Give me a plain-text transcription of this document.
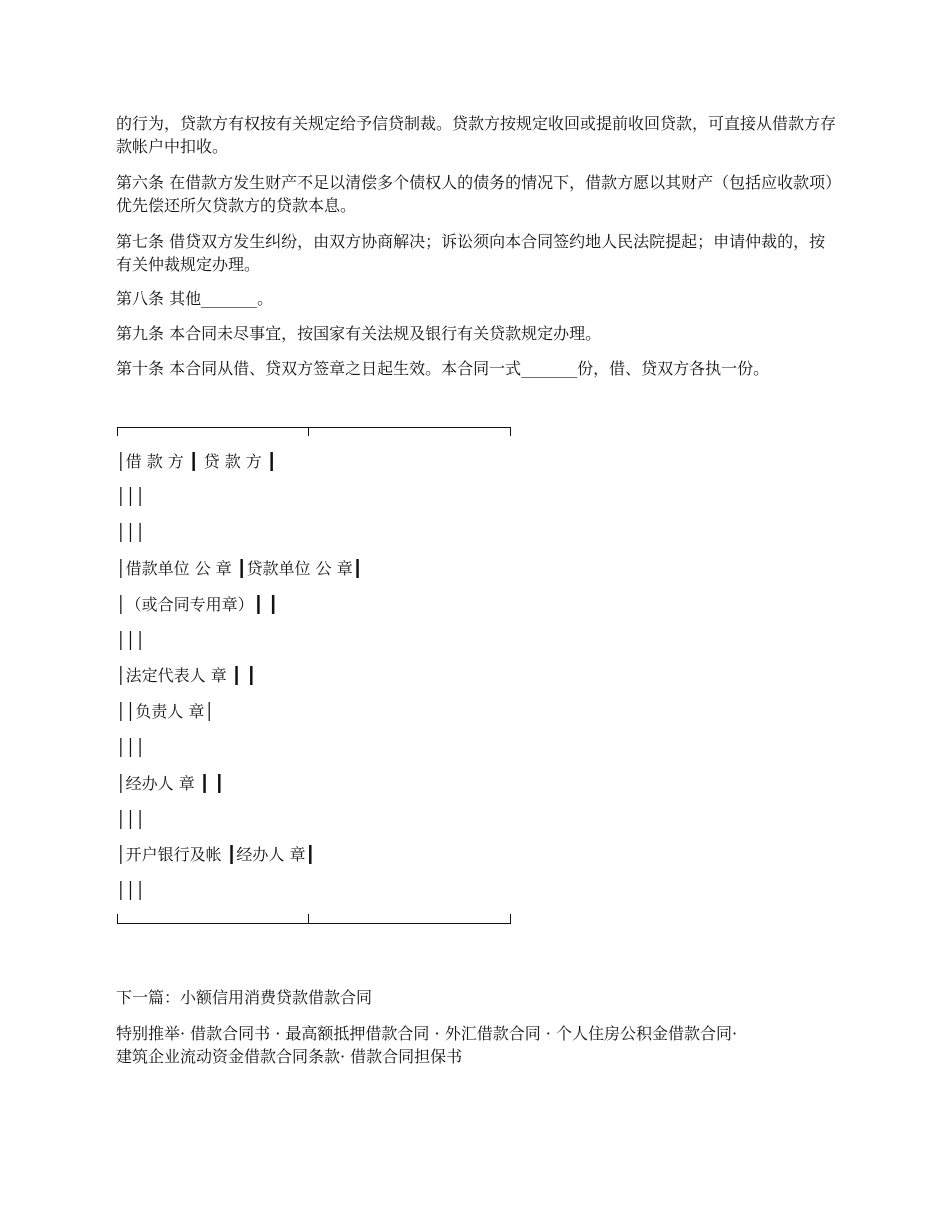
的行为，贷款方有权按有关规定给予信贷制裁。贷款方按规定收回或提前收回贷款，可直接从借款方存款帐户中扣收。

第六条 在借款方发生财产不足以清偿多个债权人的债务的情况下，借款方愿以其财产（包括应收款项）优先偿还所欠贷款方的贷款本息。

第七条 借贷双方发生纠纷，由双方协商解决；诉讼须向本合同签约地人民法院提起；申请仲裁的，按有关仲裁规定办理。

第八条 其他_______。

第九条 本合同未尽事宜，按国家有关法规及银行有关贷款规定办理。

第十条 本合同从借、贷双方签章之日起生效。本合同一式_______份，借、贷双方各执一份。

│借 款 方 ┃ 贷 款 方 ┃

│││

│││

│借款单位 公 章 ┃贷款单位 公 章┃

│（或合同专用章）┃ ┃

│││

│法定代表人 章 ┃ ┃

││负责人 章│

│││

│经办人 章 ┃ ┃

│││

│开户银行及帐 ┃经办人 章┃

│││

下一篇：小额信用消费贷款借款合同

特别推举· 借款合同书 · 最高额抵押借款合同 · 外汇借款合同 · 个人住房公积金借款合同·

建筑企业流动资金借款合同条款· 借款合同担保书
